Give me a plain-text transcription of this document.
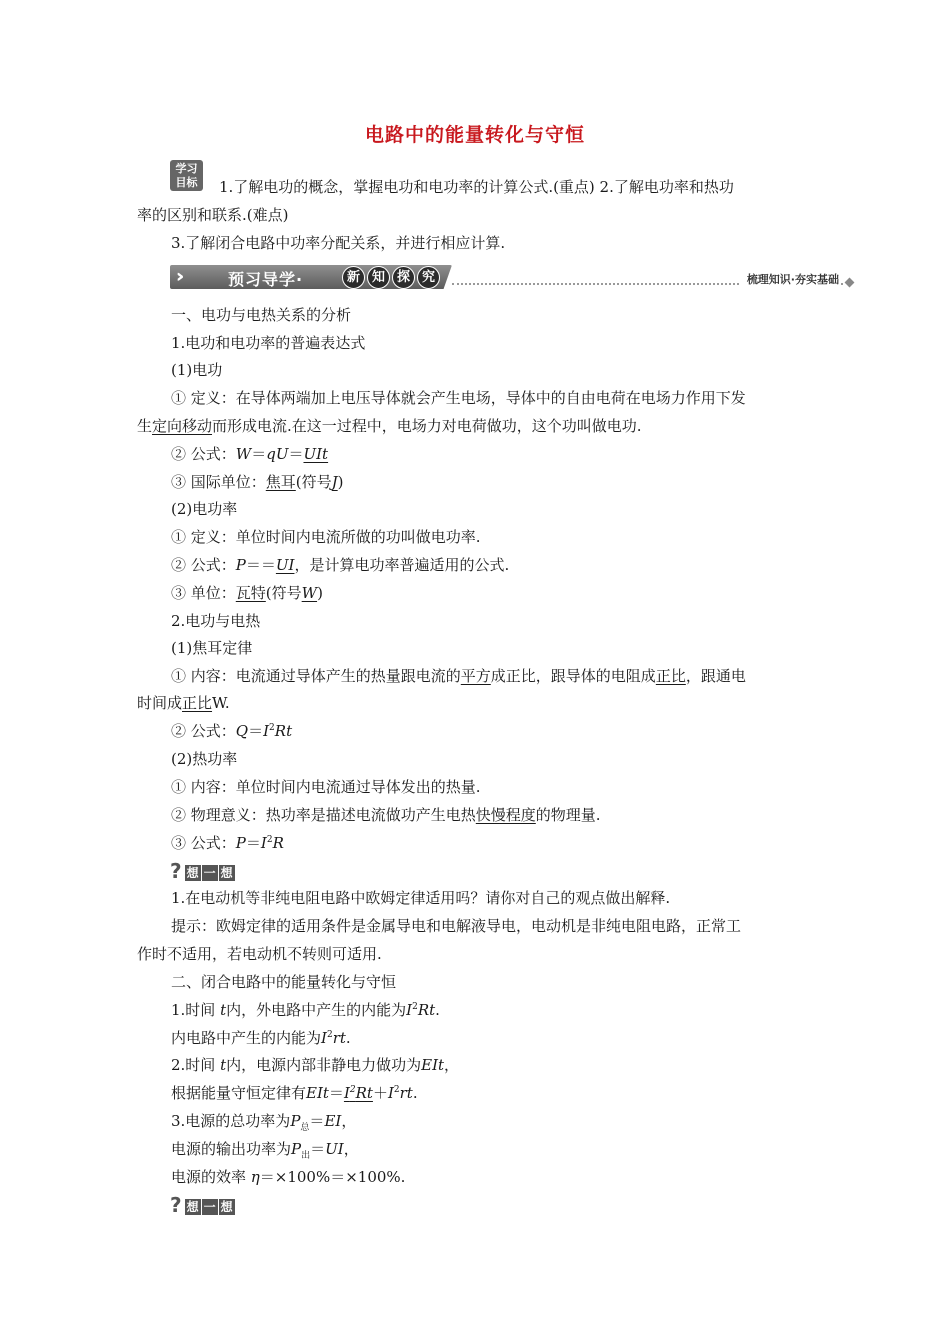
电路中的能量转化与守恒
学习
目标	1.了解电功的概念，掌握电功和电功率的计算公式.(重点) 2.了解电功率和热功
率的区别和联系.(难点)
3.了解闭合电路中功率分配关系，并进行相应计算.
›››	预习导学·	新 知 探 究	梳理知识·夯实基础
一、电功与电热关系的分析
1.电功和电功率的普遍表达式
(1)电功
① 定义：在导体两端加上电压导体就会产生电场，导体中的自由电荷在电场力作用下发
生定向移动而形成电流.在这一过程中，电场力对电荷做功，这个功叫做电功.
② 公式：W＝qU＝UIt
③ 国际单位：焦耳(符号J)
(2)电功率
① 定义：单位时间内电流所做的功叫做电功率.
② 公式：P＝＝UI，是计算电功率普遍适用的公式.
③ 单位：瓦特(符号W)
2.电功与电热
(1)焦耳定律
① 内容：电流通过导体产生的热量跟电流的平方成正比，跟导体的电阻成正比，跟通电
时间成正比W.
② 公式：$Q=I^2Rt$
(2)热功率
① 内容：单位时间内电流通过导体发出的热量.
② 物理意义：热功率是描述电流做功产生电热快慢程度的物理量.
③ 公式：$P=I^2R$
? 想 一 想
1.在电动机等非纯电阻电路中欧姆定律适用吗？请你对自己的观点做出解释.
提示：欧姆定律的适用条件是金属导电和电解液导电，电动机是非纯电阻电路，正常工
作时不适用，若电动机不转则可适用.
二、闭合电路中的能量转化与守恒
1.时间 t内，外电路中产生的内能为$I^2Rt$.
内电路中产生的内能为$I^2rt$.
2.时间 t内，电源内部非静电力做功为EIt，
根据能量守恒定律有$EIt=I^2Rt+I^2rt$.
3.电源的总功率为$P_总=EI$，
电源的输出功率为$P_出=UI$，
电源的效率 η＝×100%＝×100%.
? 想 一 想
